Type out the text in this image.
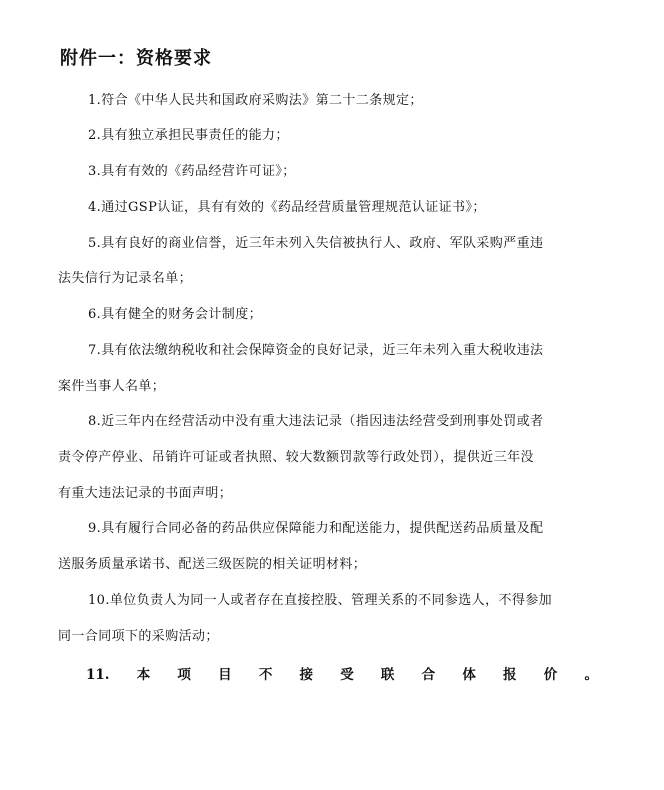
附件一：资格要求
1.符合《中华人民共和国政府采购法》第二十二条规定；
2.具有独立承担民事责任的能力；
3.具有有效的《药品经营许可证》；
4.通过GSP认证，具有有效的《药品经营质量管理规范认证证书》；
5.具有良好的商业信誉，近三年未列入失信被执行人、政府、军队采购严重违
法失信行为记录名单；
6.具有健全的财务会计制度；
7.具有依法缴纳税收和社会保障资金的良好记录，近三年未列入重大税收违法
案件当事人名单；
8.近三年内在经营活动中没有重大违法记录（指因违法经营受到刑事处罚或者
责令停产停业、吊销许可证或者执照、较大数额罚款等行政处罚），提供近三年没
有重大违法记录的书面声明；
9.具有履行合同必备的药品供应保障能力和配送能力，提供配送药品质量及配
送服务质量承诺书、配送三级医院的相关证明材料；
10.单位负责人为同一人或者存在直接控股、管理关系的不同参选人，不得参加
同一合同项下的采购活动；
11. 本 项 目 不 接 受 联 合 体 报 价 。
